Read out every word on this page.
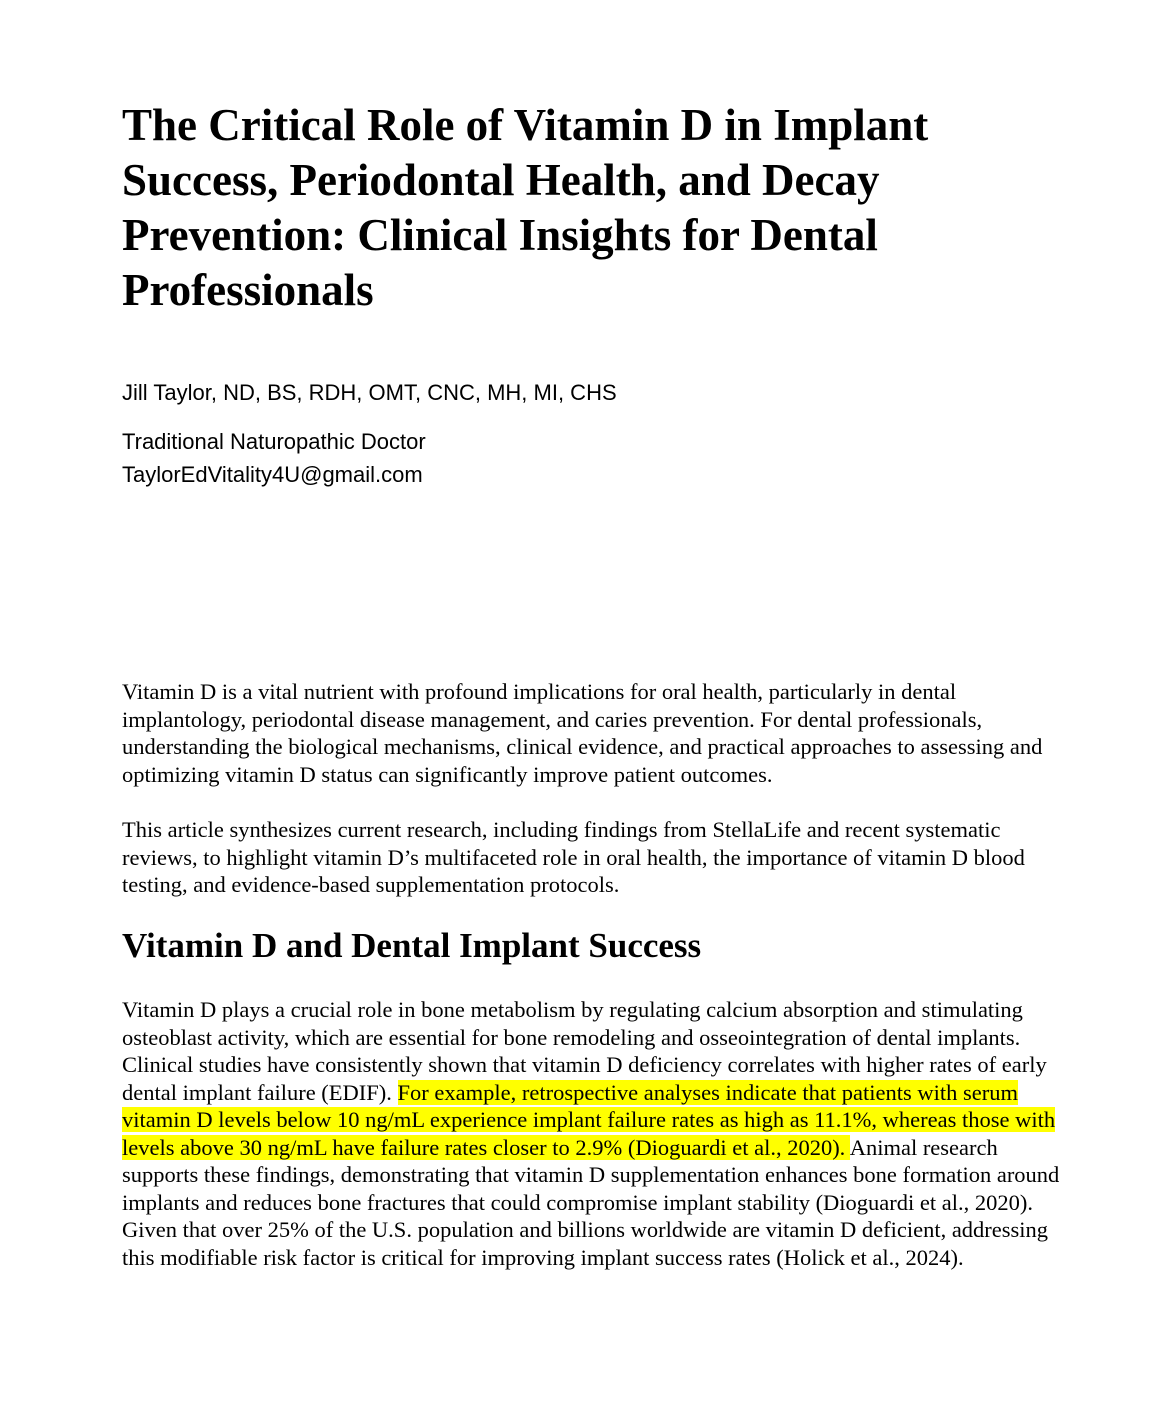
The Critical Role of Vitamin D in Implant Success, Periodontal Health, and Decay Prevention: Clinical Insights for Dental Professionals
Jill Taylor, ND, BS, RDH, OMT, CNC, MH, MI, CHS
Traditional Naturopathic Doctor
TaylorEdVitality4U@gmail.com

Vitamin D is a vital nutrient with profound implications for oral health, particularly in dental implantology, periodontal disease management, and caries prevention. For dental professionals, understanding the biological mechanisms, clinical evidence, and practical approaches to assessing and optimizing vitamin D status can significantly improve patient outcomes.

This article synthesizes current research, including findings from StellaLife and recent systematic reviews, to highlight vitamin D’s multifaceted role in oral health, the importance of vitamin D blood testing, and evidence-based supplementation protocols.

Vitamin D and Dental Implant Success

Vitamin D plays a crucial role in bone metabolism by regulating calcium absorption and stimulating osteoblast activity, which are essential for bone remodeling and osseointegration of dental implants. Clinical studies have consistently shown that vitamin D deficiency correlates with higher rates of early dental implant failure (EDIF). For example, retrospective analyses indicate that patients with serum vitamin D levels below 10 ng/mL experience implant failure rates as high as 11.1%, whereas those with levels above 30 ng/mL have failure rates closer to 2.9% (Dioguardi et al., 2020). Animal research supports these findings, demonstrating that vitamin D supplementation enhances bone formation around implants and reduces bone fractures that could compromise implant stability (Dioguardi et al., 2020). Given that over 25% of the U.S. population and billions worldwide are vitamin D deficient, addressing this modifiable risk factor is critical for improving implant success rates (Holick et al., 2024).
